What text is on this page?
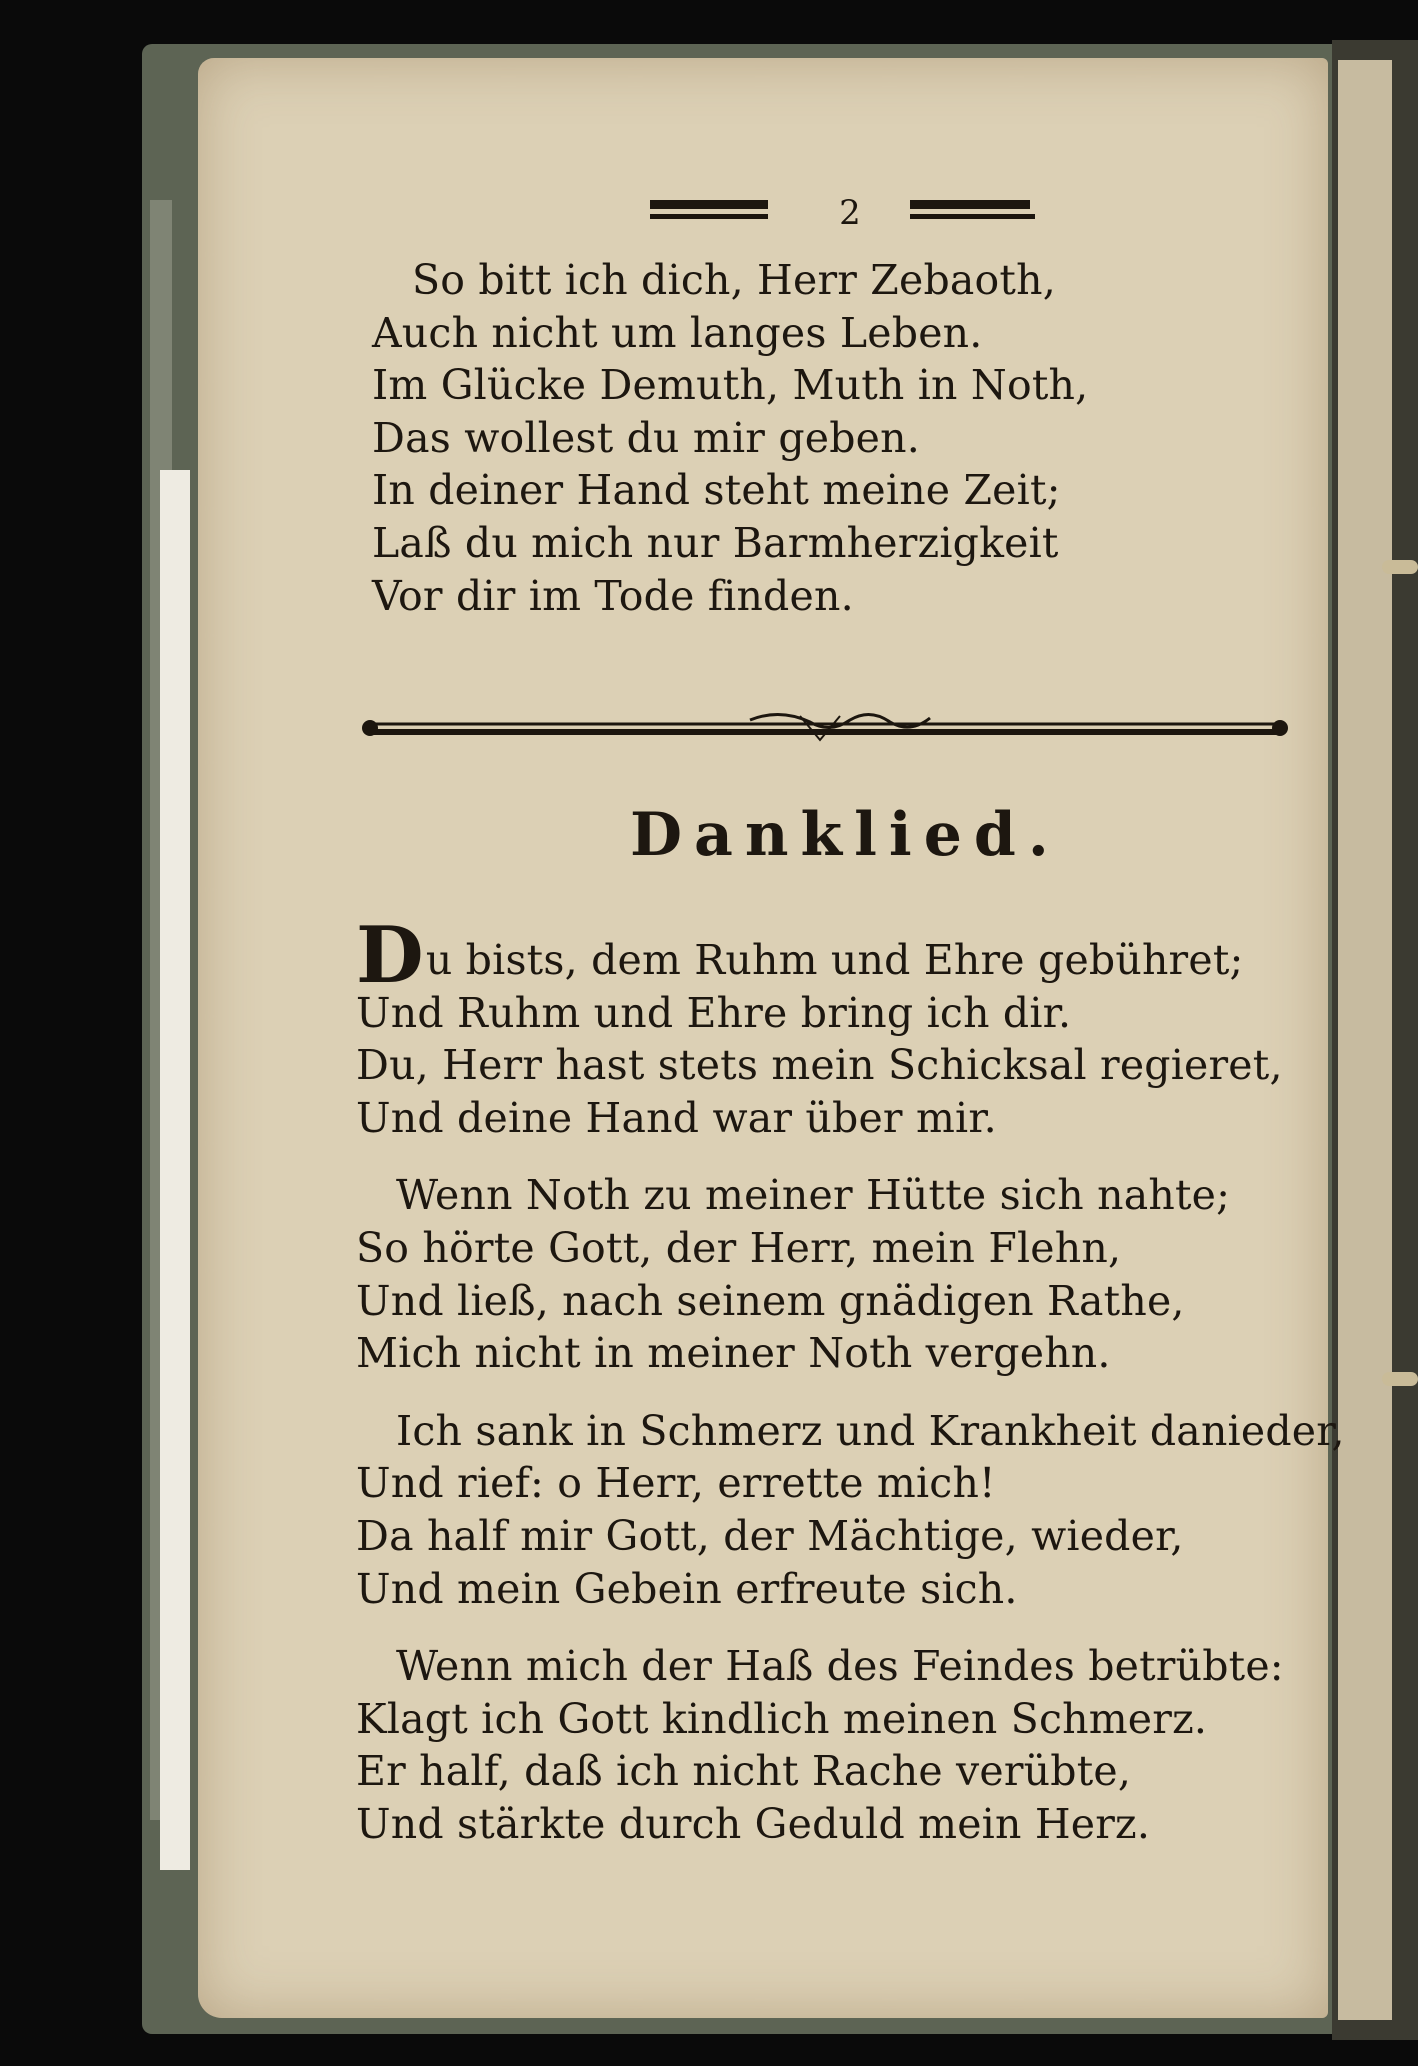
2
So bitt ich dich, Herr Zebaoth,
Auch nicht um langes Leben.
Im Glücke Demuth, Muth in Noth,
Das wollest du mir geben.
In deiner Hand steht meine Zeit;
Laß du mich nur Barmherzigkeit
Vor dir im Tode finden.
Danklied.
Du bists, dem Ruhm und Ehre gebühret;
Und Ruhm und Ehre bring ich dir.
Du, Herr hast stets mein Schicksal regieret,
Und deine Hand war über mir.
Wenn Noth zu meiner Hütte sich nahte;
So hörte Gott, der Herr, mein Flehn,
Und ließ, nach seinem gnädigen Rathe,
Mich nicht in meiner Noth vergehn.
Ich sank in Schmerz und Krankheit danieder,
Und rief: o Herr, errette mich!
Da half mir Gott, der Mächtige, wieder,
Und mein Gebein erfreute sich.
Wenn mich der Haß des Feindes betrübte:
Klagt ich Gott kindlich meinen Schmerz.
Er half, daß ich nicht Rache verübte,
Und stärkte durch Geduld mein Herz.
